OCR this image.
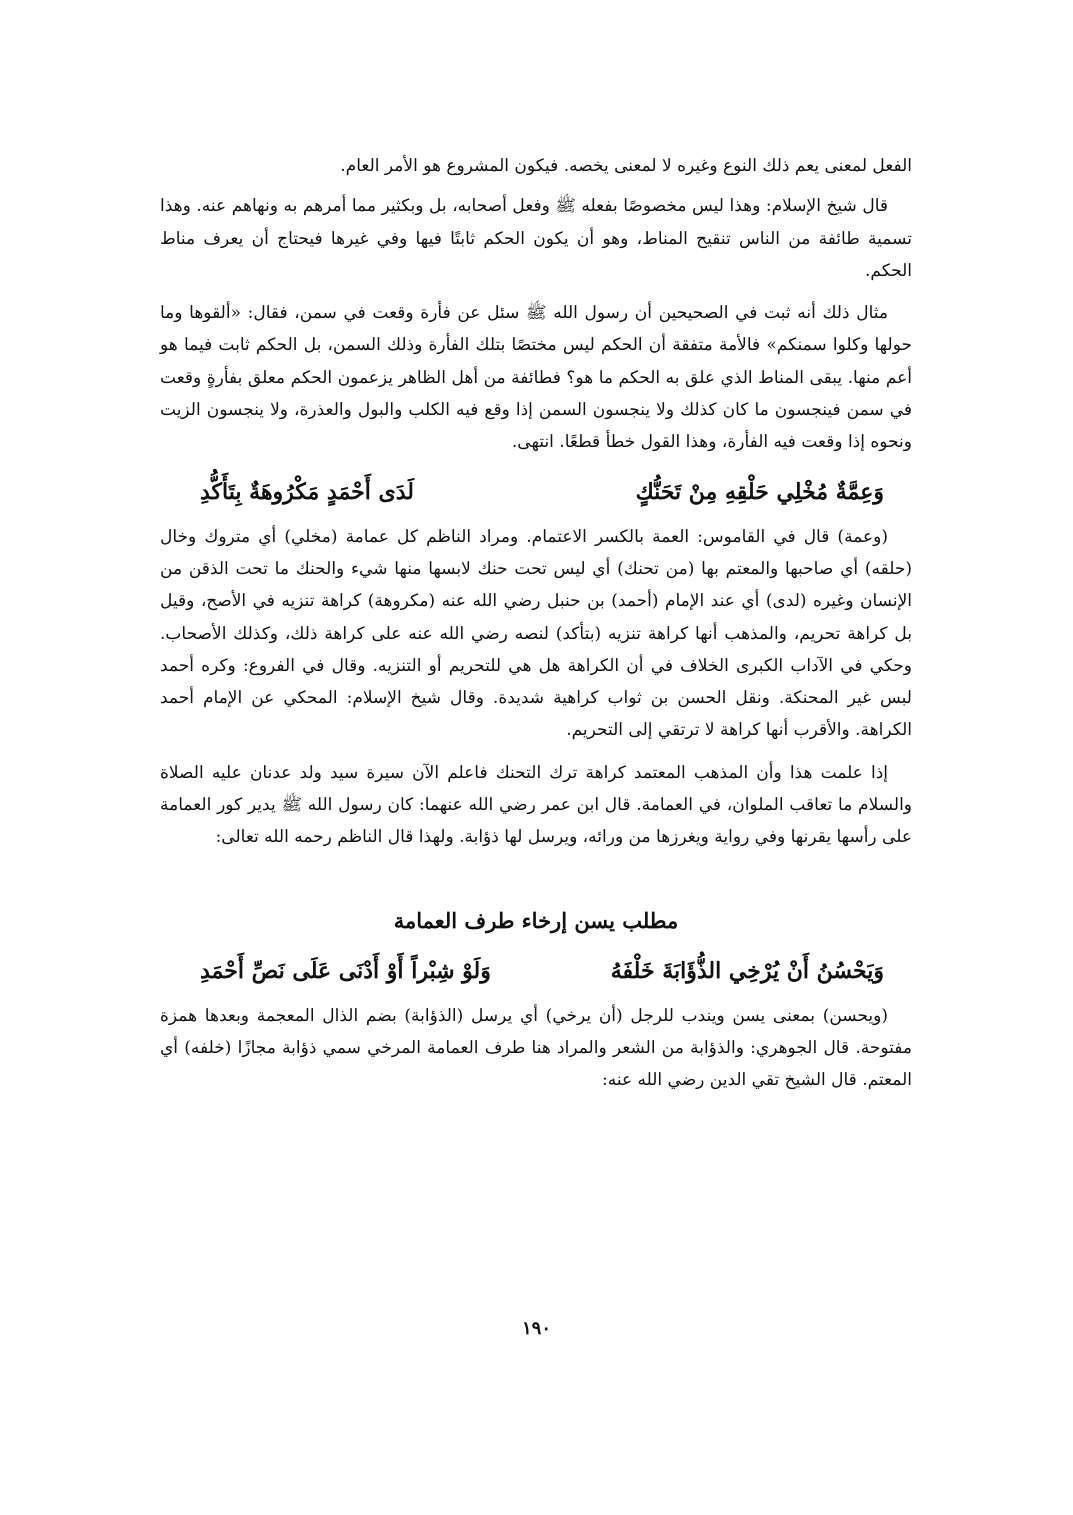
الفعل لمعنى يعم ذلك النوع وغيره لا لمعنى يخصه. فيكون المشروع هو الأمر العام.

قال شيخ الإسلام: وهذا ليس مخصوصًا بفعله ﷺ وفعل أصحابه، بل وبكثير مما أمرهم به ونهاهم عنه. وهذا تسمية طائفة من الناس تنقيح المناط، وهو أن يكون الحكم ثابتًا فيها وفي غيرها فيحتاج أن يعرف مناط الحكم.

مثال ذلك أنه ثبت في الصحيحين أن رسول الله ﷺ سئل عن فأرة وقعت في سمن، فقال: «ألقوها وما حولها وكلوا سمنكم» فالأمة متفقة أن الحكم ليس مختصًا بتلك الفأرة وذلك السمن، بل الحكم ثابت فيما هو أعم منها. يبقى المناط الذي علق به الحكم ما هو؟ فطائفة من أهل الظاهر يزعمون الحكم معلق بفأرةٍ وقعت في سمن فينجسون ما كان كذلك ولا ينجسون السمن إذا وقع فيه الكلب والبول والعذرة، ولا ينجسون الزيت ونحوه إذا وقعت فيه الفأرة، وهذا القول خطأ قطعًا. انتهى.

وَعِمَّةٌ مُخْلِي حَلْقِهِ مِنْ تَحَنُّكٍ
لَدَى أَحْمَدٍ مَكْرُوهَةٌ بِتَأَكُّدِ

(وعمة) قال في القاموس: العمة بالكسر الاعتمام. ومراد الناظم كل عمامة (مخلي) أي متروك وخال (حلقه) أي صاحبها والمعتم بها (من تحنك) أي ليس تحت حنك لابسها منها شيء والحنك ما تحت الذقن من الإنسان وغيره (لدى) أي عند الإمام (أحمد) بن حنبل رضي الله عنه (مكروهة) كراهة تنزيه في الأصح، وقيل بل كراهة تحريم، والمذهب أنها كراهة تنزيه (بتأكد) لنصه رضي الله عنه على كراهة ذلك، وكذلك الأصحاب. وحكي في الآداب الكبرى الخلاف في أن الكراهة هل هي للتحريم أو التنزيه. وقال في الفروع: وكره أحمد لبس غير المحنكة. ونقل الحسن بن ثواب كراهية شديدة. وقال شيخ الإسلام: المحكي عن الإمام أحمد الكراهة. والأقرب أنها كراهة لا ترتقي إلى التحريم.

إذا علمت هذا وأن المذهب المعتمد كراهة ترك التحنك فاعلم الآن سيرة سيد ولد عدنان عليه الصلاة والسلام ما تعاقب الملوان، في العمامة. قال ابن عمر رضي الله عنهما: كان رسول الله ﷺ يدير كور العمامة على رأسها يقرنها وفي رواية ويغرزها من ورائه، ويرسل لها ذؤابة. ولهذا قال الناظم رحمه الله تعالى:

مطلب يسن إرخاء طرف العمامة
وَيَحْسُنُ أَنْ يُرْخِي الذُّؤَابَةَ خَلْفَهُ
وَلَوْ شِبْراً أَوْ أَدْنَى عَلَى نَصِّ أَحْمَدِ

(ويحسن) بمعنى يسن ويندب للرجل (أن يرخي) أي يرسل (الذؤابة) بضم الذال المعجمة وبعدها همزة مفتوحة. قال الجوهري: والذؤابة من الشعر والمراد هنا طرف العمامة المرخي سمي ذؤابة مجازًا (خلفه) أي المعتم. قال الشيخ تقي الدين رضي الله عنه:

١٩٠
